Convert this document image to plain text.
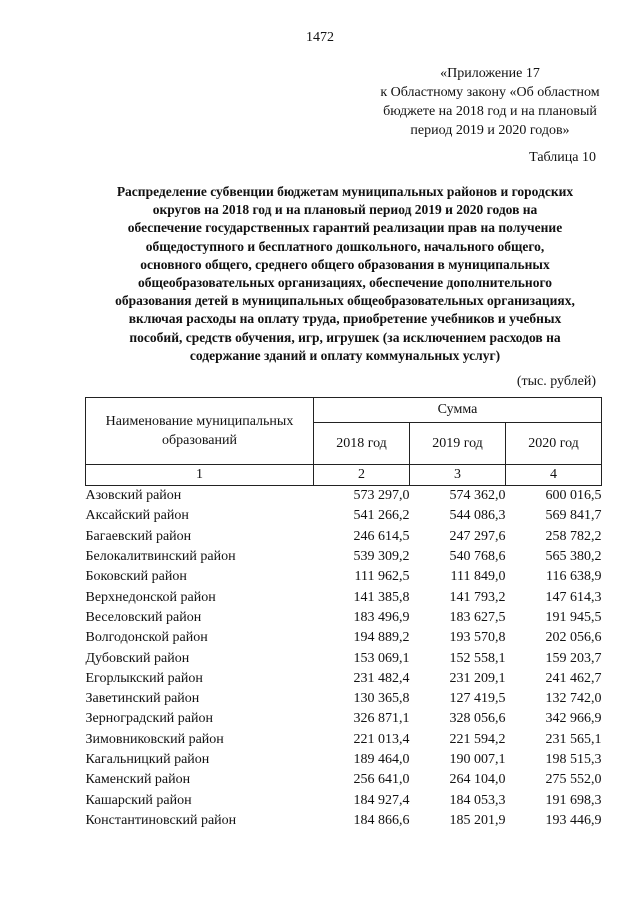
1472
«Приложение 17
к Областному закону «Об областном
бюджете на 2018 год и на плановый
период 2019 и 2020 годов»
Таблица 10
Распределение субвенции бюджетам муниципальных районов и городских
округов на 2018 год и на плановый период 2019 и 2020 годов на
обеспечение государственных гарантий реализации прав на получение
общедоступного и бесплатного дошкольного, начального общего,
основного общего, среднего общего образования в муниципальных
общеобразовательных организациях, обеспечение дополнительного
образования детей в муниципальных общеобразовательных организациях,
включая расходы на оплату труда, приобретение учебников и учебных
пособий, средств обучения, игр, игрушек (за исключением расходов на
содержание зданий и оплату коммунальных услуг)
(тыс. рублей)
Наименование муниципальных
образований	Сумма		
	2018 год	2019 год	2020 год
1	2	3	4
Азовский район	573 297,0	574 362,0	600 016,5
Аксайский район	541 266,2	544 086,3	569 841,7
Багаевский район	246 614,5	247 297,6	258 782,2
Белокалитвинский район	539 309,2	540 768,6	565 380,2
Боковский район	111 962,5	111 849,0	116 638,9
Верхнедонской район	141 385,8	141 793,2	147 614,3
Веселовский район	183 496,9	183 627,5	191 945,5
Волгодонской район	194 889,2	193 570,8	202 056,6
Дубовский район	153 069,1	152 558,1	159 203,7
Егорлыкский район	231 482,4	231 209,1	241 462,7
Заветинский район	130 365,8	127 419,5	132 742,0
Зерноградский район	326 871,1	328 056,6	342 966,9
Зимовниковский район	221 013,4	221 594,2	231 565,1
Кагальницкий район	189 464,0	190 007,1	198 515,3
Каменский район	256 641,0	264 104,0	275 552,0
Кашарский район	184 927,4	184 053,3	191 698,3
Константиновский район	184 866,6	185 201,9	193 446,9
